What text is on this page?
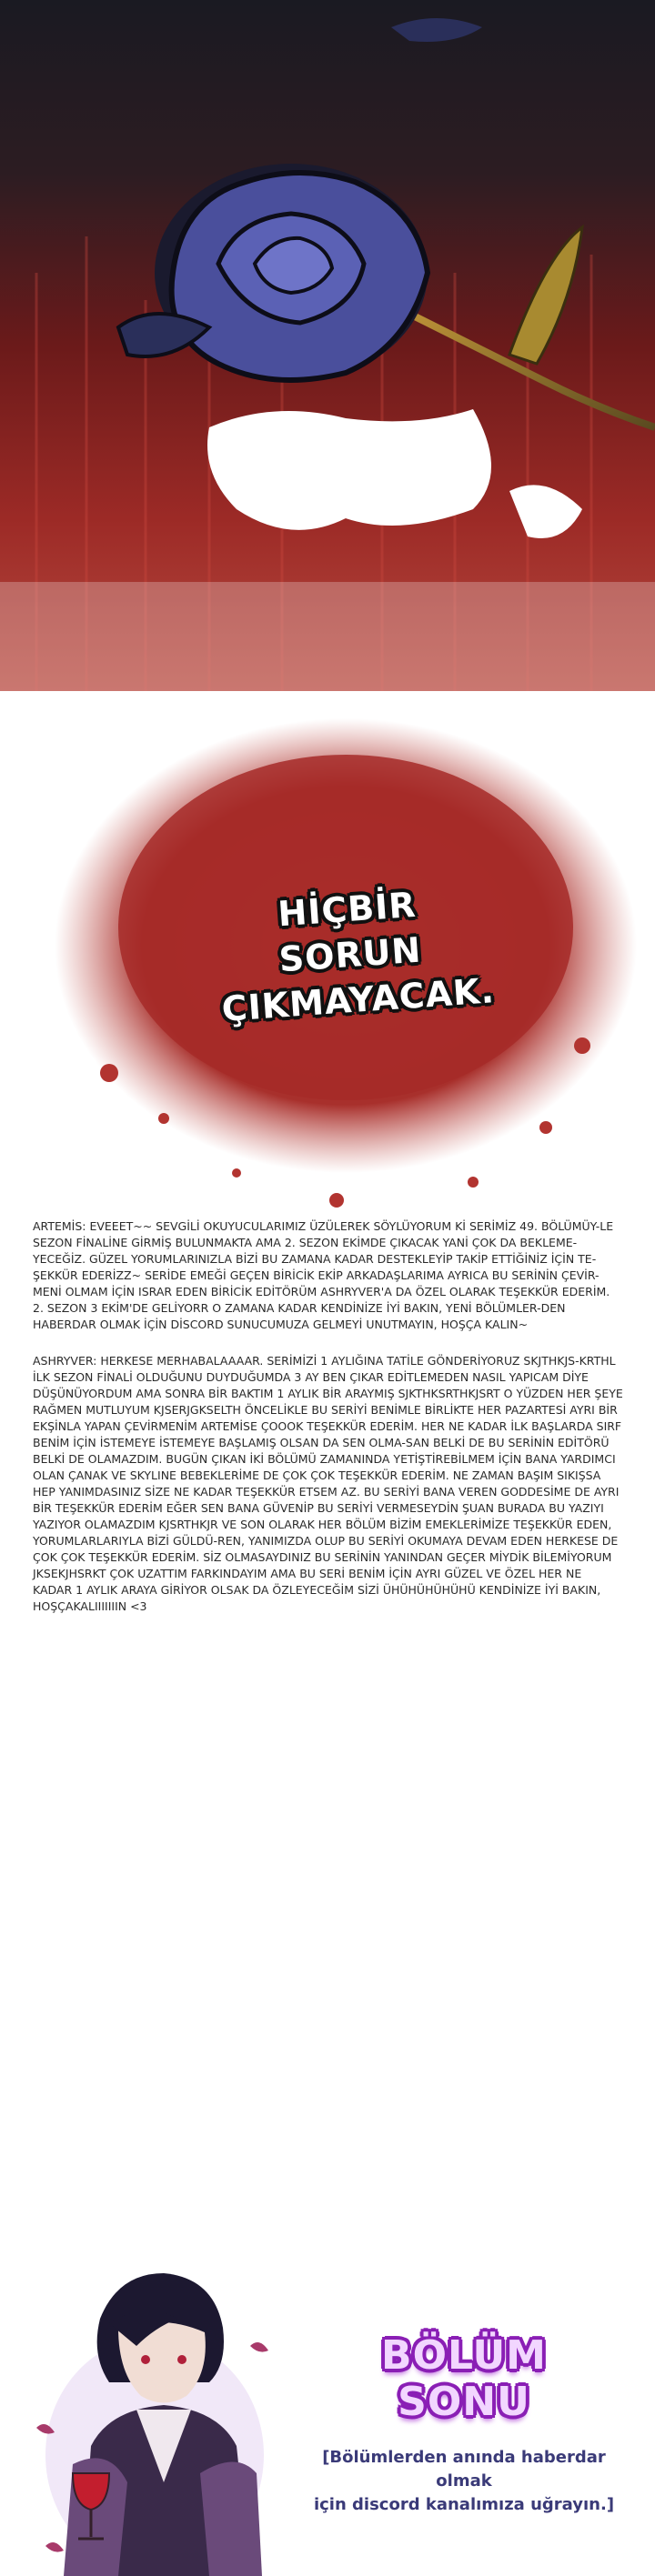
HİÇBİR SORUN
ÇIKMAYACAK.

ARTEMİS: EVEEET~~ SEVGİLİ OKUYUCULARIMIZ ÜZÜLEREK SÖYLÜYORUM Kİ SERİMİZ 49. BÖLÜMÜY-LE SEZON FİNALİNE GİRMİŞ BULUNMAKTA AMA 2. SEZON EKİMDE ÇIKACAK YANİ ÇOK DA BEKLEME-YECEĞİZ. GÜZEL YORUMLARINIZLA BİZİ BU ZAMANA KADAR DESTEKLEYİP TAKİP ETTİĞİNİZ İÇİN TE-ŞEKKÜR EDERİZZ~ SERİDE EMEĞİ GEÇEN BİRİCİK EKİP ARKADAŞLARIMA AYRICA BU SERİNİN ÇEVİR-MENİ OLMAM İÇİN ISRAR EDEN BİRİCİK EDİTÖRÜM ASHRYVER'A DA ÖZEL OLARAK TEŞEKKÜR EDERİM. 2. SEZON 3 EKİM'DE GELİYORR O ZAMANA KADAR KENDİNİZE İYİ BAKIN, YENİ BÖLÜMLER-DEN HABERDAR OLMAK İÇİN DİSCORD SUNUCUMUZA GELMEYİ UNUTMAYIN, HOŞÇA KALIN~

ASHRYVER: HERKESE MERHABALAAAAR. SERİMİZİ 1 AYLIĞINA TATİLE GÖNDERİYORUZ SKJTHKJS-KRTHL İLK SEZON FİNALİ OLDUĞUNU DUYDUĞUMDA 3 AY BEN ÇIKAR EDİTLEMEDEN NASIL YAPICAM DİYE DÜŞÜNÜYORDUM AMA SONRA BİR BAKTIM 1 AYLIK BİR ARAYMIŞ SJKTHKSRTHKJSRT O YÜZDEN HER ŞEYE RAĞMEN MUTLUYUM KJSERJGKSELTH ÖNCELİKLE BU SERİYİ BENİMLE BİRLİKTE HER PAZARTESİ AYRI BİR EKŞİNLA YAPAN ÇEVİRMENİM ARTEMİSE ÇOOOK TEŞEKKÜR EDERİM. HER NE KADAR İLK BAŞLARDA SIRF BENİM İÇİN İSTEMEYE İSTEMEYE BAŞLAMIŞ OLSAN DA SEN OLMA-SAN BELKİ DE BU SERİNİN EDİTÖRÜ BELKİ DE OLAMAZDIM. BUGÜN ÇIKAN İKİ BÖLÜMÜ ZAMANINDA YETİŞTİREBİLMEM İÇİN BANA YARDIMCI OLAN ÇANAK VE SKYLINE BEBEKLERİME DE ÇOK ÇOK TEŞEKKÜR EDERİM. NE ZAMAN BAŞIM SIKIŞSA HEP YANIMDASINIZ SİZE NE KADAR TEŞEKKÜR ETSEM AZ. BU SERİYİ BANA VEREN GODDESİME DE AYRI BİR TEŞEKKÜR EDERİM EĞER SEN BANA GÜVENİP BU SERİYİ VERMESEYDİN ŞUAN BURADA BU YAZIYI YAZIYOR OLAMAZDIM KJSRTHKJR VE SON OLARAK HER BÖLÜM BİZİM EMEKLERİMİZE TEŞEKKÜR EDEN, YORUMLARLARIYLA BİZİ GÜLDÜ-REN, YANIMIZDA OLUP BU SERİYİ OKUMAYA DEVAM EDEN HERKESE DE ÇOK ÇOK TEŞEKKÜR EDERİM. SİZ OLMASAYDINIZ BU SERİNİN YANINDAN GEÇER MİYDİK BİLEMİYORUM JKSEKJHSRKT ÇOK UZATTIM FARKINDAYIM AMA BU SERİ BENİM İÇİN AYRI GÜZEL VE ÖZEL HER NE KADAR 1 AYLIK ARAYA GİRİYOR OLSAK DA ÖZLEYECEĞİM SİZİ ÜHÜHÜHÜHÜHÜ KENDİNİZE İYİ BAKIN, HOŞÇAKALIIIIIIIN <3

BÖLÜM SONU
[Bölümlerden anında haberdar olmak
için discord kanalımıza uğrayın.]
